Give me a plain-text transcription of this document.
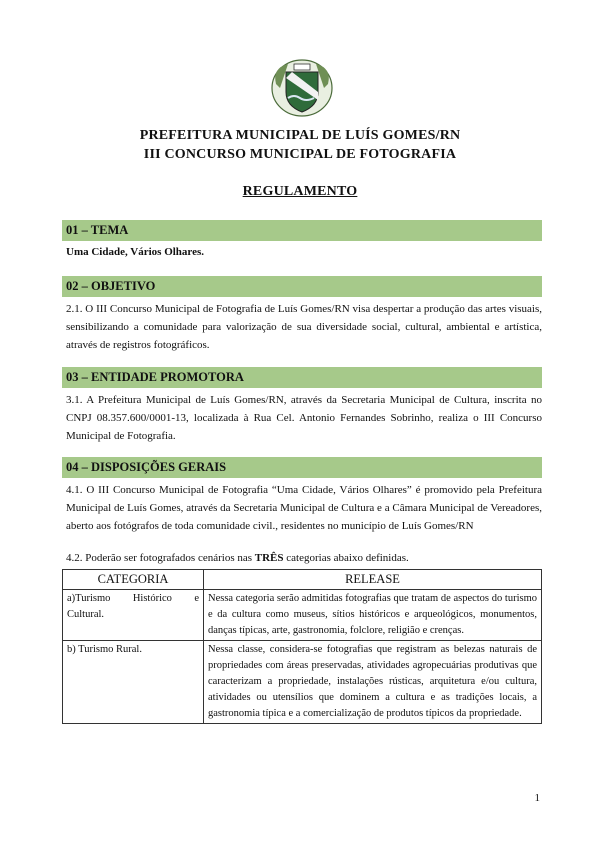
PREFEITURA MUNICIPAL DE LUÍS GOMES/RN
III CONCURSO MUNICIPAL DE FOTOGRAFIA
REGULAMENTO
01 – TEMA
Uma Cidade, Vários Olhares.
02 – OBJETIVO
2.1. O III Concurso Municipal de Fotografia de Luís Gomes/RN visa despertar a produção das artes visuais, sensibilizando a comunidade para valorização de sua diversidade social, cultural, ambiental e artística, através de registros fotográficos.
03 – ENTIDADE PROMOTORA
3.1. A Prefeitura Municipal de Luís Gomes/RN, através da Secretaria Municipal de Cultura, inscrita no CNPJ 08.357.600/0001-13, localizada à Rua Cel. Antonio Fernandes Sobrinho, realiza o III Concurso Municipal de Fotografia.
04 – DISPOSIÇÕES GERAIS
4.1. O III Concurso Municipal de Fotografia “Uma Cidade, Vários Olhares” é promovido pela Prefeitura Municipal de Luís Gomes, através da Secretaria Municipal de Cultura e a Câmara Municipal de Vereadores, aberto aos fotógrafos de toda comunidade civil., residentes no município de Luís Gomes/RN
4.2. Poderão ser fotografados cenários nas TRÊS categorias abaixo definidas.
CATEGORIA	RELEASE
a)Turismo Histórico e Cultural.	Nessa categoria serão admitidas fotografias que tratam de aspectos do turismo e da cultura como museus, sítios históricos e arqueológicos, monumentos, danças típicas, arte, gastronomia, folclore, religião e crenças.
b) Turismo Rural.	Nessa classe, considera-se fotografias que registram as belezas naturais de propriedades com áreas preservadas, atividades agropecuárias produtivas que caracterizam a propriedade, instalações rústicas, arquitetura e/ou cultura, atividades ou utensílios que dominem a cultura e as tradições locais, a gastronomia típica e a comercialização de produtos típicos da propriedade.
1
